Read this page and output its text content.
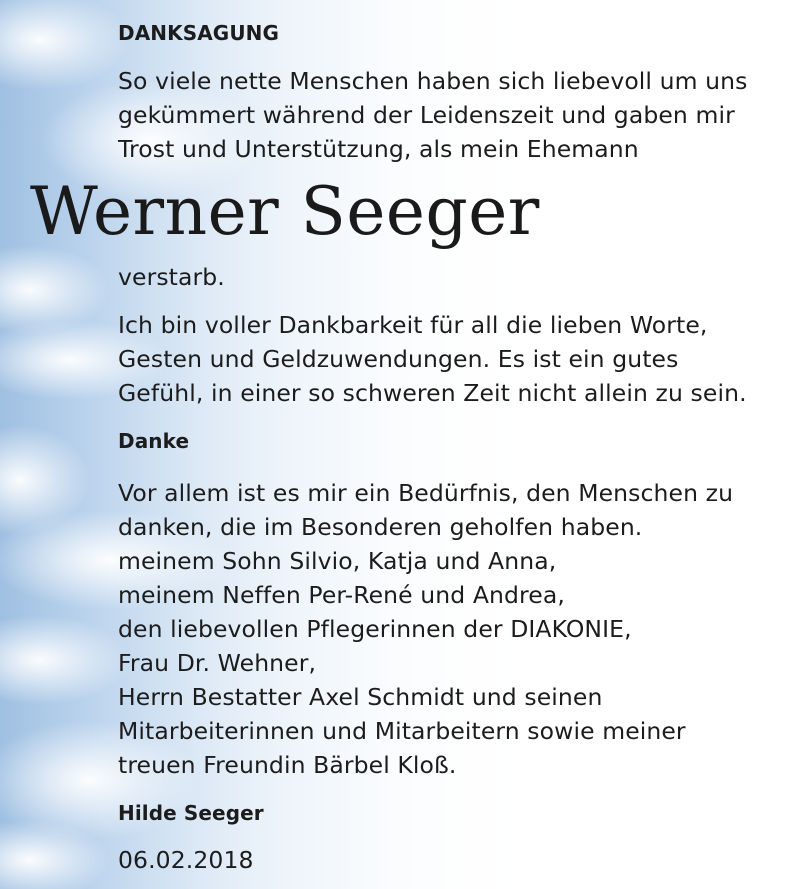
DANKSAGUNG
So viele nette Menschen haben sich liebevoll um uns
gekümmert während der Leidenszeit und gaben mir
Trost und Unterstützung, als mein Ehemann
Werner Seeger
verstarb.
Ich bin voller Dankbarkeit für all die lieben Worte,
Gesten und Geldzuwendungen. Es ist ein gutes
Gefühl, in einer so schweren Zeit nicht allein zu sein.
Danke
Vor allem ist es mir ein Bedürfnis, den Menschen zu
danken, die im Besonderen geholfen haben.
meinem Sohn Silvio, Katja und Anna,
meinem Neffen Per-René und Andrea,
den liebevollen Pflegerinnen der DIAKONIE,
Frau Dr. Wehner,
Herrn Bestatter Axel Schmidt und seinen
Mitarbeiterinnen und Mitarbeitern sowie meiner
treuen Freundin Bärbel Kloß.
Hilde Seeger
06.02.2018
